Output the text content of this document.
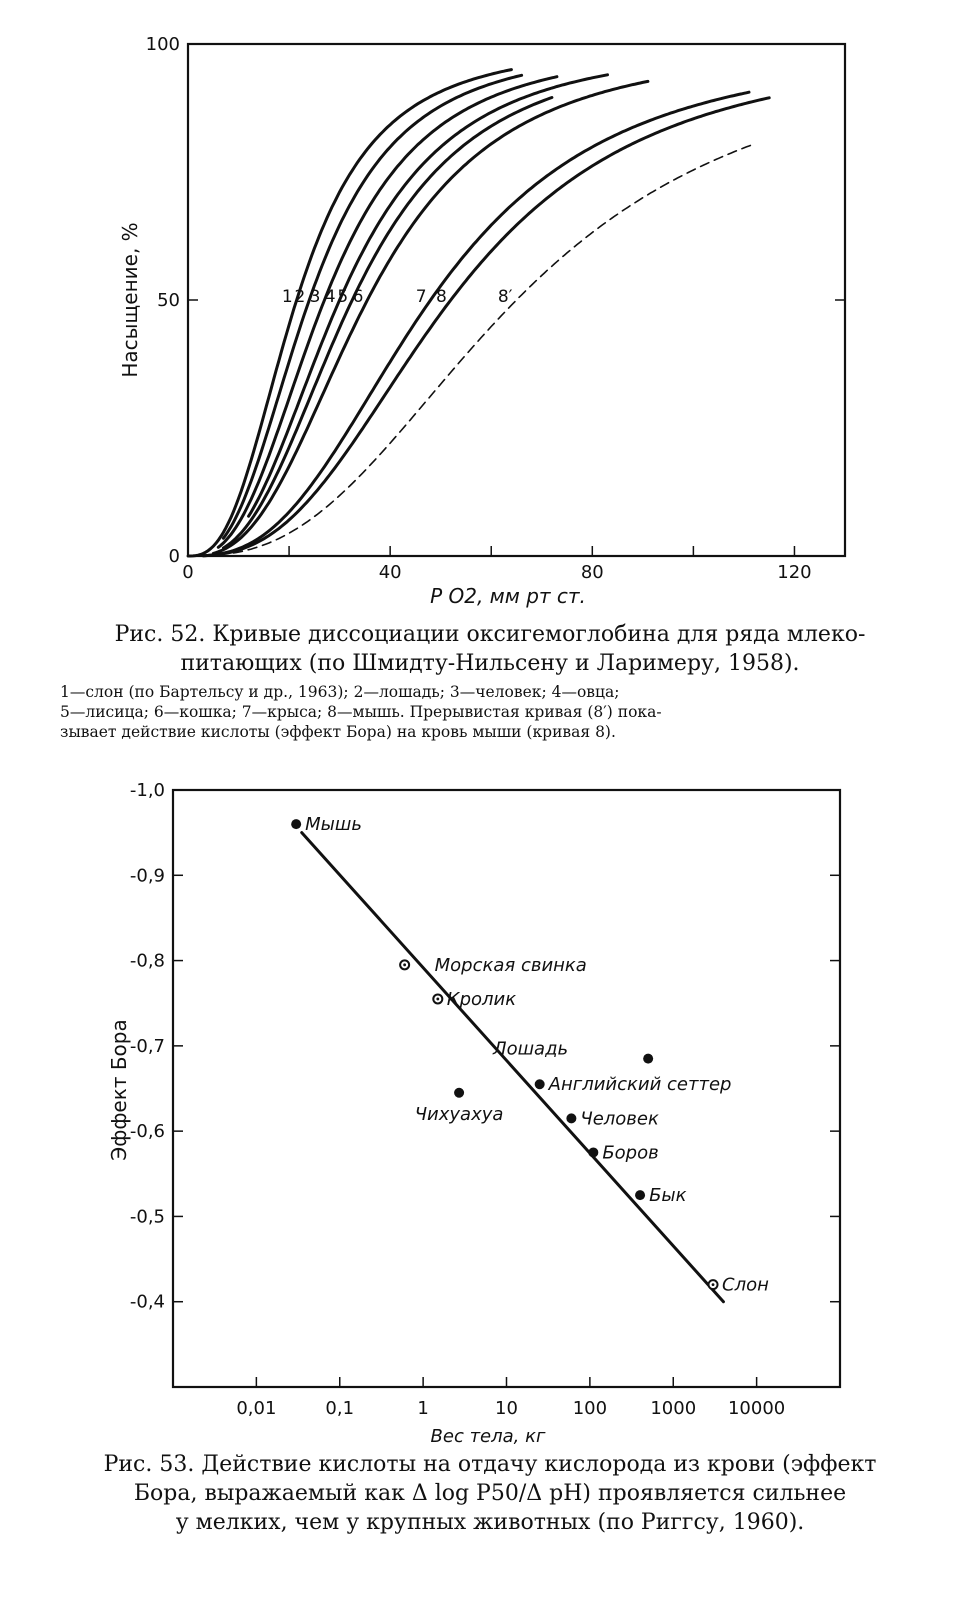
0	40	80	120
0
50
100
1 2 3 4 5 6	7 8	8′
Насыщение, %
P O2, мм рт ст.
Рис. 52. Кривые диссоциации оксигемоглобина для ряда млеко-
питающих (по Шмидту-Нильсену и Ларимеру, 1958).
1—слон (по Бартельсу и др., 1963); 2—лошадь; 3—человек; 4—овца;
5—лисица; 6—кошка; 7—крыса; 8—мышь. Прерывистая кривая (8′) пока-
зывает действие кислоты (эффект Бора) на кровь мыши (кривая 8).
0,01	0,1	1	10	100 1000 10000
-1,0
-0,9
-0,8
-0,7
-0,6
-0,5
-0,4
Мышь
Морская свинка
Кролик
Чихуахуа
Лошадь
Английский сеттер
Человек
Боров
Бык
Слон
Эффект Бора
Вес тела, кг
Рис. 53. Действие кислоты на отдачу кислорода из крови (эффект
Бора, выражаемый как Δ log P50/Δ pH) проявляется сильнее
у мелких, чем у крупных животных (по Риггсу, 1960).
